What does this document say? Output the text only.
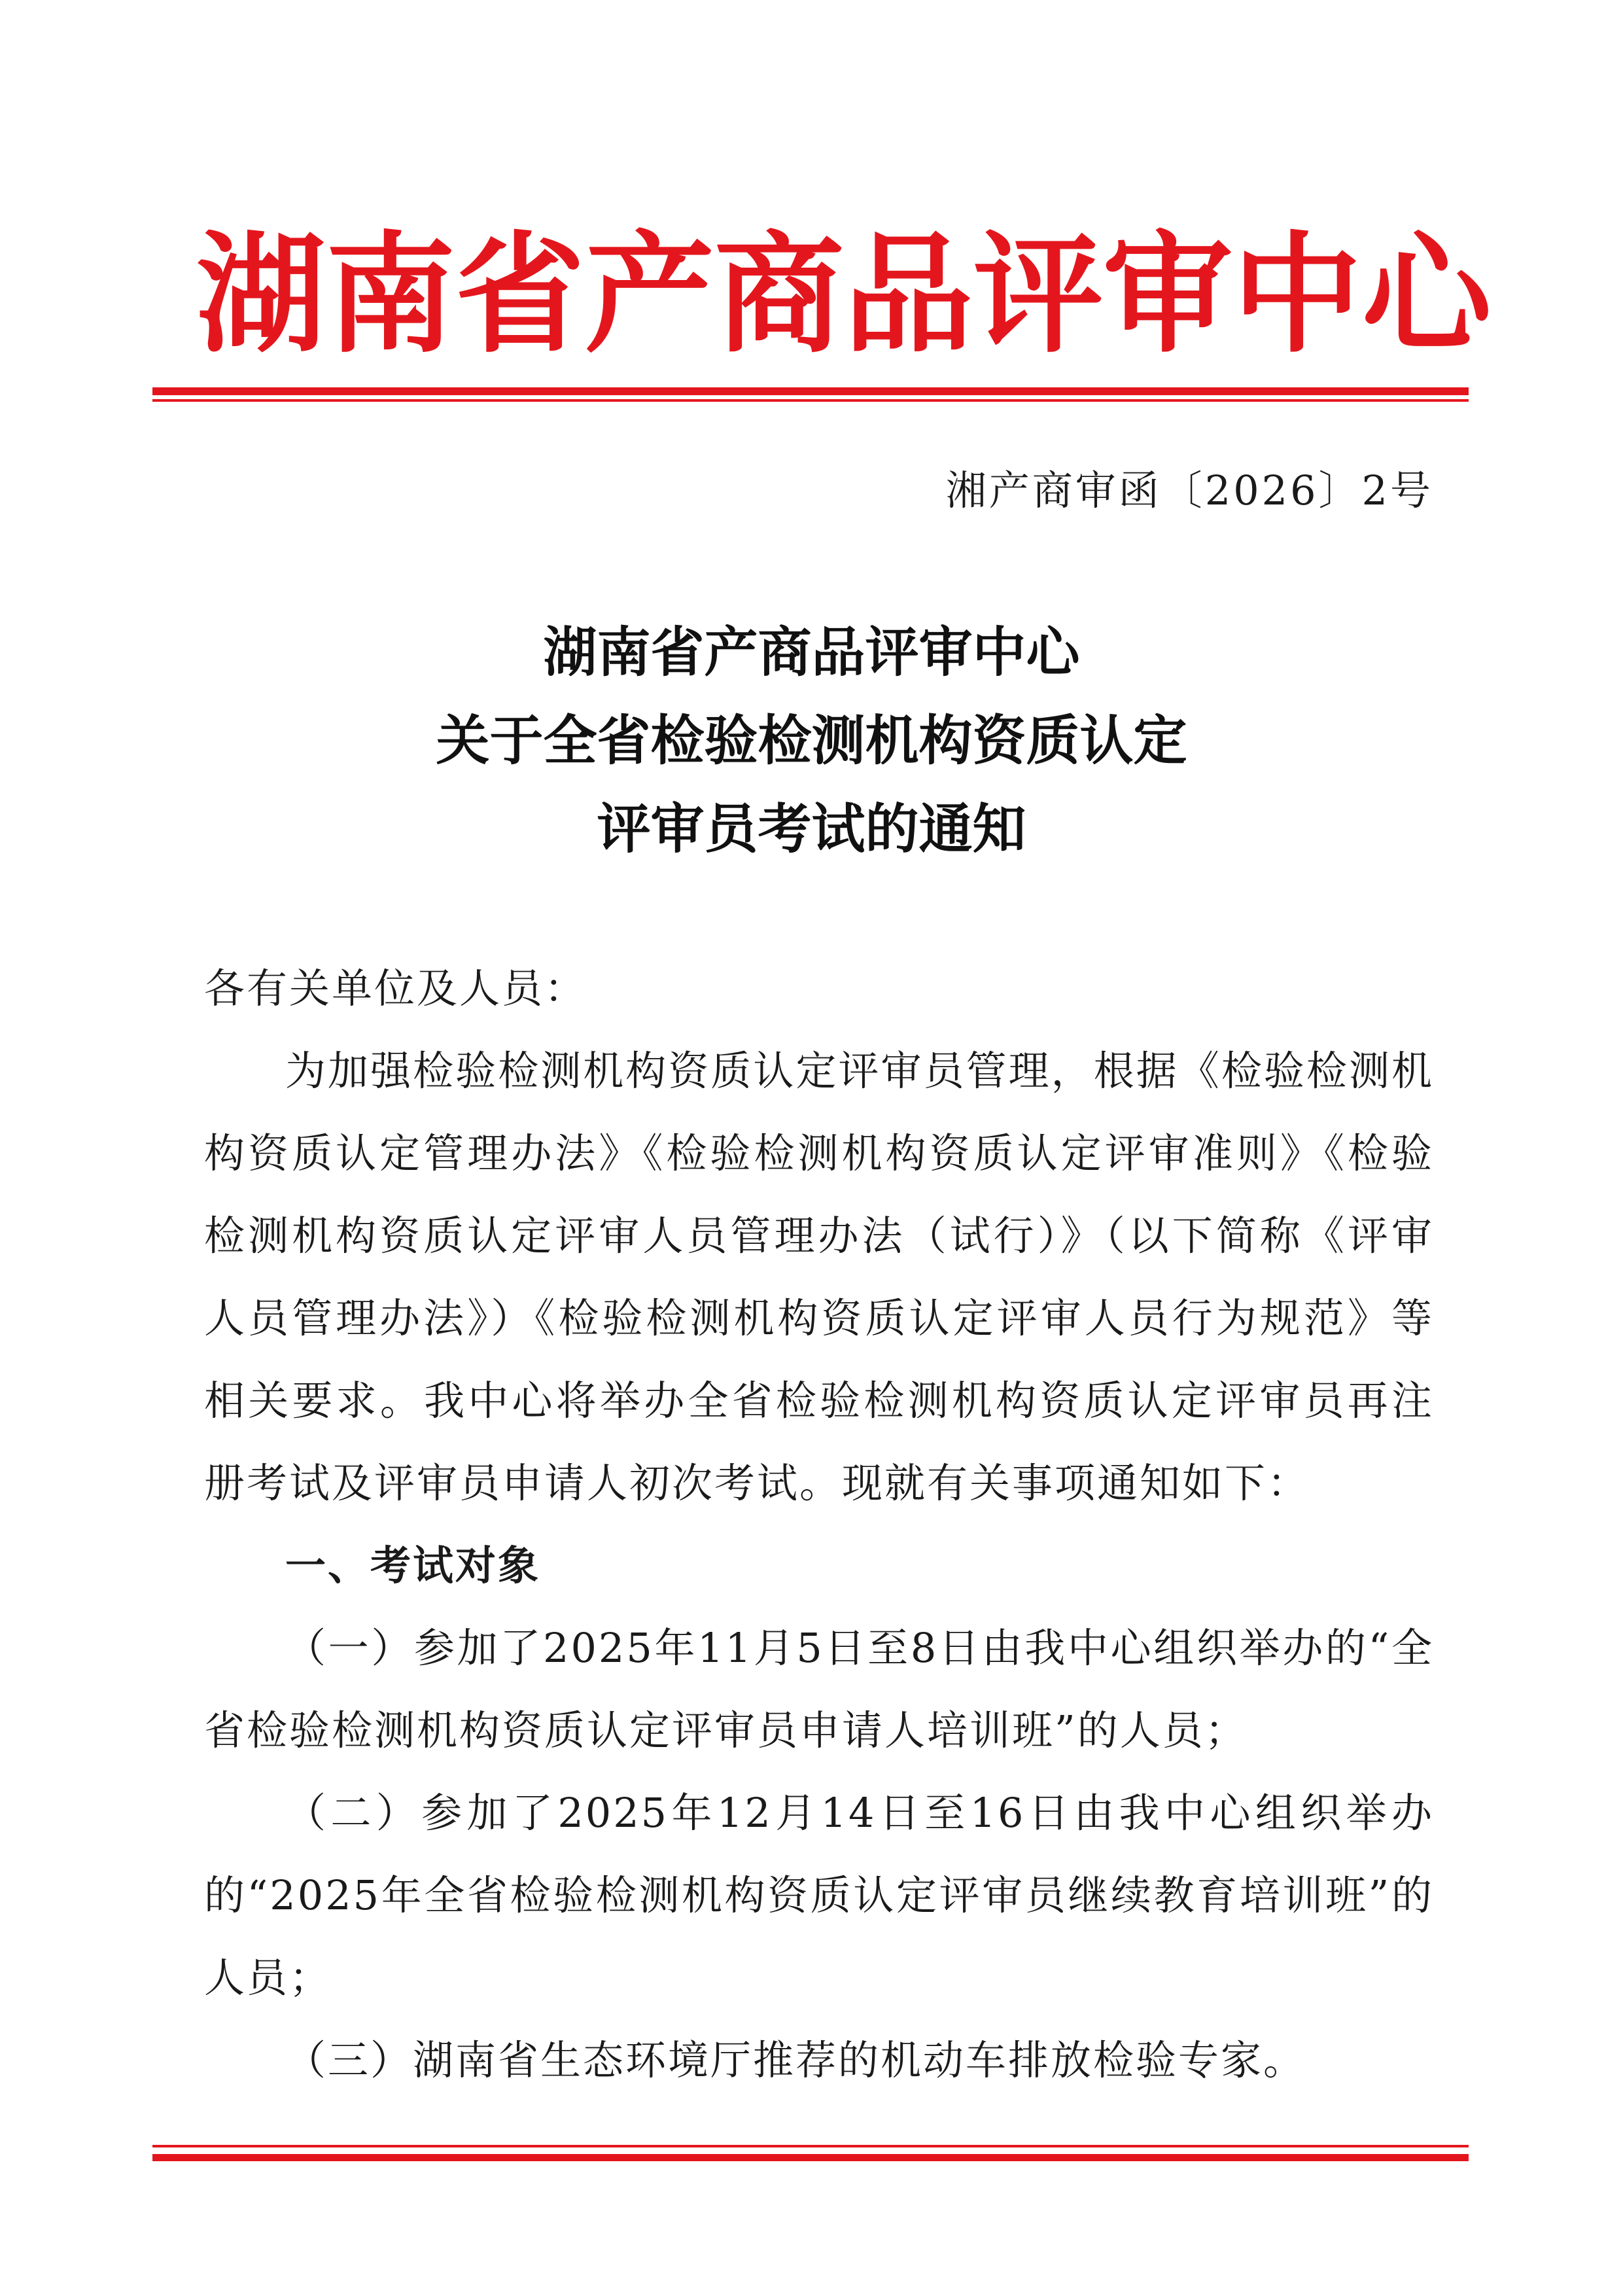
湖 南 省 产 商 品 评 审 中 心
湘产商审函〔2026〕2号
湖南省产商品评审中心
关于全省检验检测机构资质认定
评审员考试的通知

各有关单位及人员：

为加强检验检测机构资质认定评审员管理，根据《检验检测机构资质认定管理办法》《检验检测机构资质认定评审准则》《检验检测机构资质认定评审人员管理办法（试行）》（以下简称《评审人员管理办法》）《检验检测机构资质认定评审人员行为规范》等相关要求。我中心将举办全省检验检测机构资质认定评审员再注册考试及评审员申请人初次考试。现就有关事项通知如下：

一、考试对象

（一）参加了2025年11月5日至8日由我中心组织举办的“全省检验检测机构资质认定评审员申请人培训班”的人员；

（二）参加了2025年12月14日至16日由我中心组织举办的“2025年全省检验检测机构资质认定评审员继续教育培训班”的人员；

（三）湖南省生态环境厅推荐的机动车排放检验专家。
